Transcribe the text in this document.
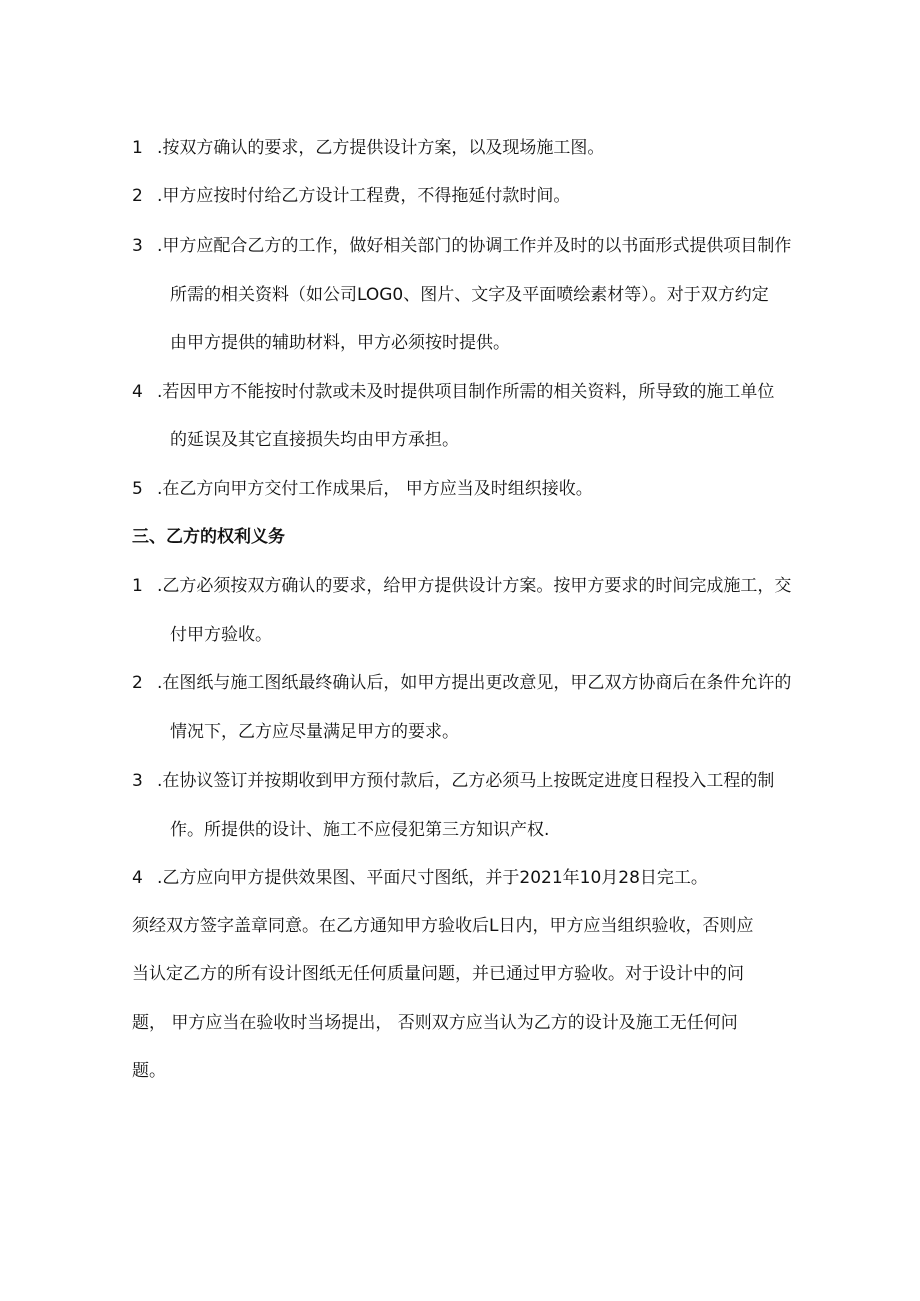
1 .按双方确认的要求，乙方提供设计方案，以及现场施工图。
2 .甲方应按时付给乙方设计工程费，不得拖延付款时间。
3 .甲方应配合乙方的工作，做好相关部门的协调工作并及时的以书面形式提供项目制作
所需的相关资料（如公司LOG0、图片、文字及平面喷绘素材等）。对于双方约定
由甲方提供的辅助材料，甲方必须按时提供。
4 .若因甲方不能按时付款或未及时提供项目制作所需的相关资料，所导致的施工单位
的延误及其它直接损失均由甲方承担。
5 .在乙方向甲方交付工作成果后， 甲方应当及时组织接收。
三、乙方的权利义务
1 .乙方必须按双方确认的要求，给甲方提供设计方案。按甲方要求的时间完成施工，交
付甲方验收。
2 .在图纸与施工图纸最终确认后，如甲方提出更改意见，甲乙双方协商后在条件允许的
情况下，乙方应尽量满足甲方的要求。
3 .在协议签订并按期收到甲方预付款后，乙方必须马上按既定进度日程投入工程的制
作。所提供的设计、施工不应侵犯第三方知识产权.
4 .乙方应向甲方提供效果图、平面尺寸图纸，并于2021年10月28日完工。
须经双方签字盖章同意。在乙方通知甲方验收后L日内，甲方应当组织验收，否则应
当认定乙方的所有设计图纸无任何质量问题，并已通过甲方验收。对于设计中的问
题， 甲方应当在验收时当场提出， 否则双方应当认为乙方的设计及施工无任何问
题。
